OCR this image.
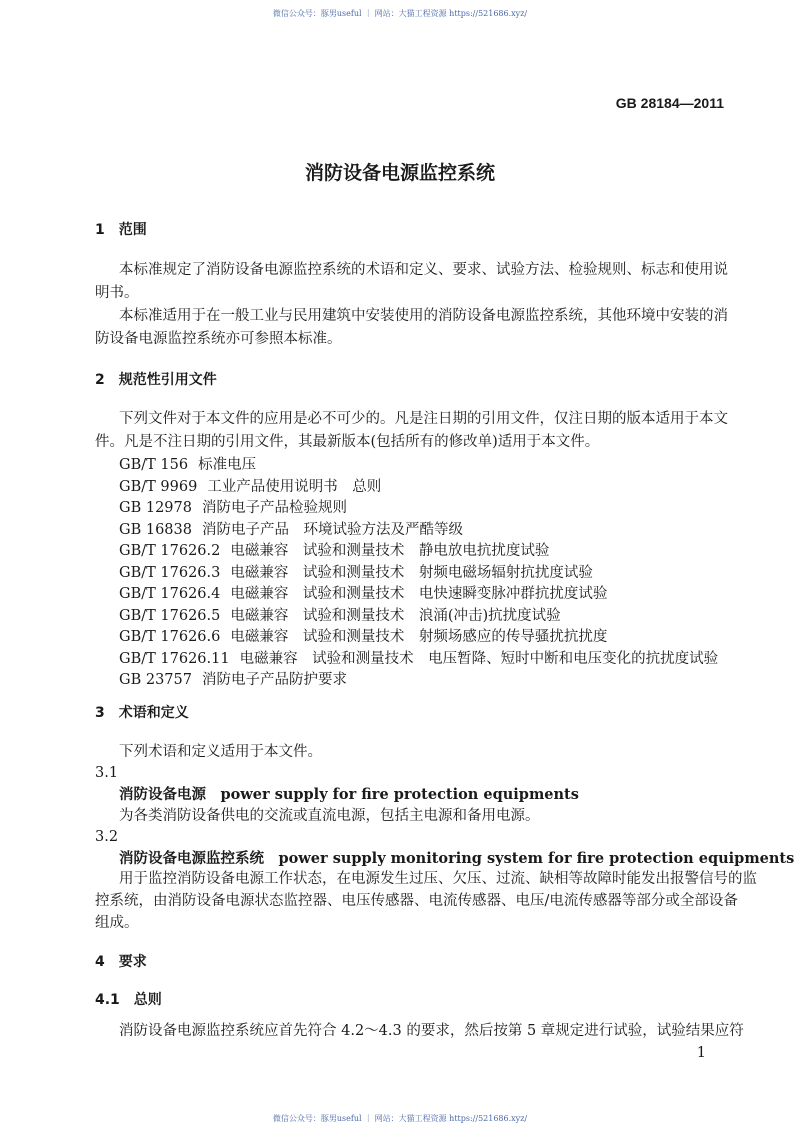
微信公众号：豚男useful ｜ 网站：大猫工程资源 https://521686.xyz/
GB 28184—2011
消防设备电源监控系统
1　范围
本标准规定了消防设备电源监控系统的术语和定义、要求、试验方法、检验规则、标志和使用说
明书。
本标准适用于在一般工业与民用建筑中安装使用的消防设备电源监控系统，其他环境中安装的消
防设备电源监控系统亦可参照本标准。
2　规范性引用文件
下列文件对于本文件的应用是必不可少的。凡是注日期的引用文件，仅注日期的版本适用于本文
件。凡是不注日期的引用文件，其最新版本(包括所有的修改单)适用于本文件。
GB/T 156 标准电压
GB/T 9969 工业产品使用说明书　总则
GB 12978 消防电子产品检验规则
GB 16838 消防电子产品　环境试验方法及严酷等级
GB/T 17626.2 电磁兼容　试验和测量技术　静电放电抗扰度试验
GB/T 17626.3 电磁兼容　试验和测量技术　射频电磁场辐射抗扰度试验
GB/T 17626.4 电磁兼容　试验和测量技术　电快速瞬变脉冲群抗扰度试验
GB/T 17626.5 电磁兼容　试验和测量技术　浪涌(冲击)抗扰度试验
GB/T 17626.6 电磁兼容　试验和测量技术　射频场感应的传导骚扰抗扰度
GB/T 17626.11 电磁兼容　试验和测量技术　电压暂降、短时中断和电压变化的抗扰度试验
GB 23757 消防电子产品防护要求
3　术语和定义
下列术语和定义适用于本文件。
3.1
消防设备电源　power supply for fire protection equipments
为各类消防设备供电的交流或直流电源，包括主电源和备用电源。
3.2
消防设备电源监控系统　power supply monitoring system for fire protection equipments
用于监控消防设备电源工作状态，在电源发生过压、欠压、过流、缺相等故障时能发出报警信号的监
控系统，由消防设备电源状态监控器、电压传感器、电流传感器、电压/电流传感器等部分或全部设备
组成。
4　要求
4.1　总则
消防设备电源监控系统应首先符合 4.2～4.3 的要求，然后按第 5 章规定进行试验，试验结果应符
1
微信公众号：豚男useful ｜ 网站：大猫工程资源 https://521686.xyz/
